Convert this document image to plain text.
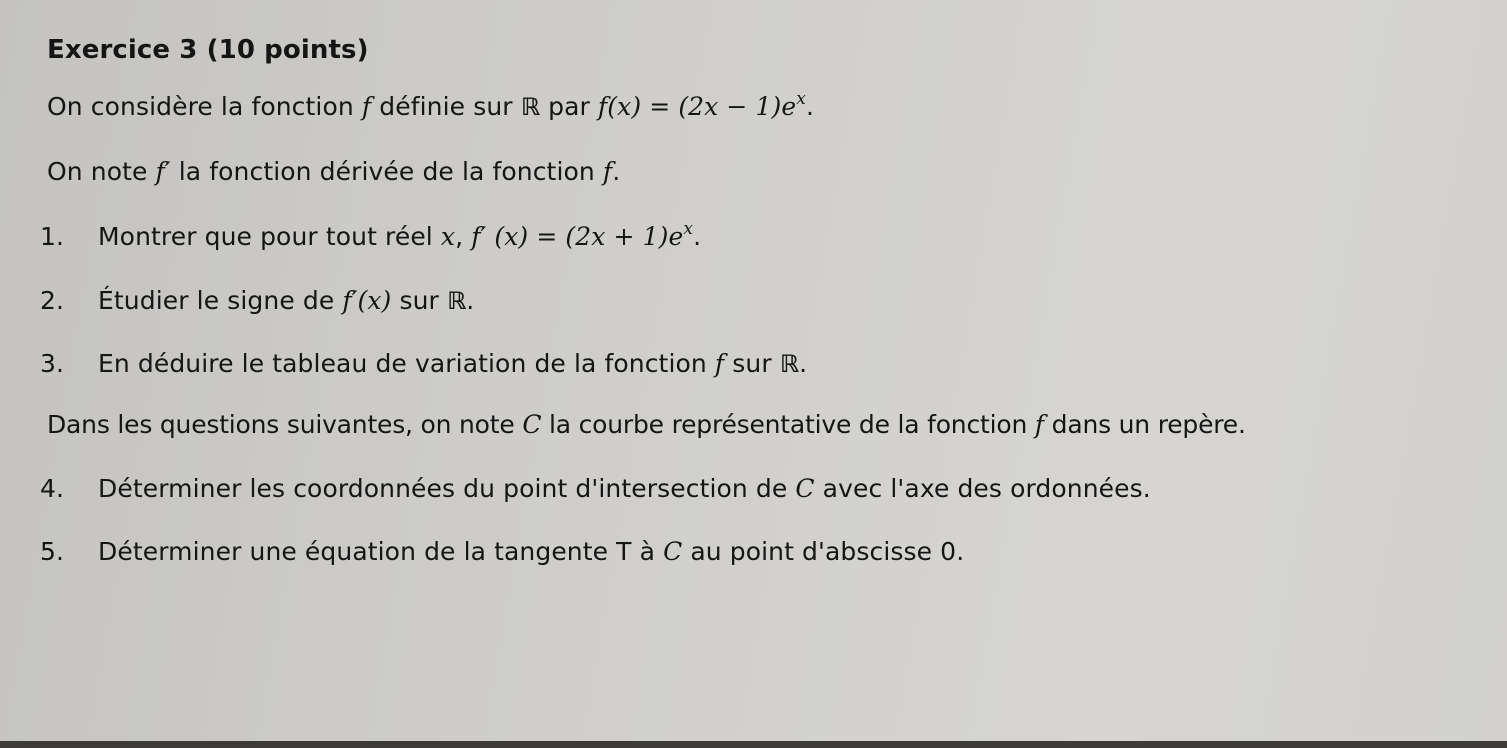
Exercice 3 (10 points)
On considère la fonction f définie sur ℝ par $f(x) = (2x - 1)e^x$.
On note f′ la fonction dérivée de la fonction f.
1. Montrer que pour tout réel x, f′ $(x) = (2x + 1)e^x$.
2. Étudier le signe de f′(x) sur ℝ.
3. En déduire le tableau de variation de la fonction f sur ℝ.
Dans les questions suivantes, on note C la courbe représentative de la fonction f dans un repère.
4. Déterminer les coordonnées du point d'intersection de C avec l'axe des ordonnées.
5. Déterminer une équation de la tangente T à C au point d'abscisse 0.
